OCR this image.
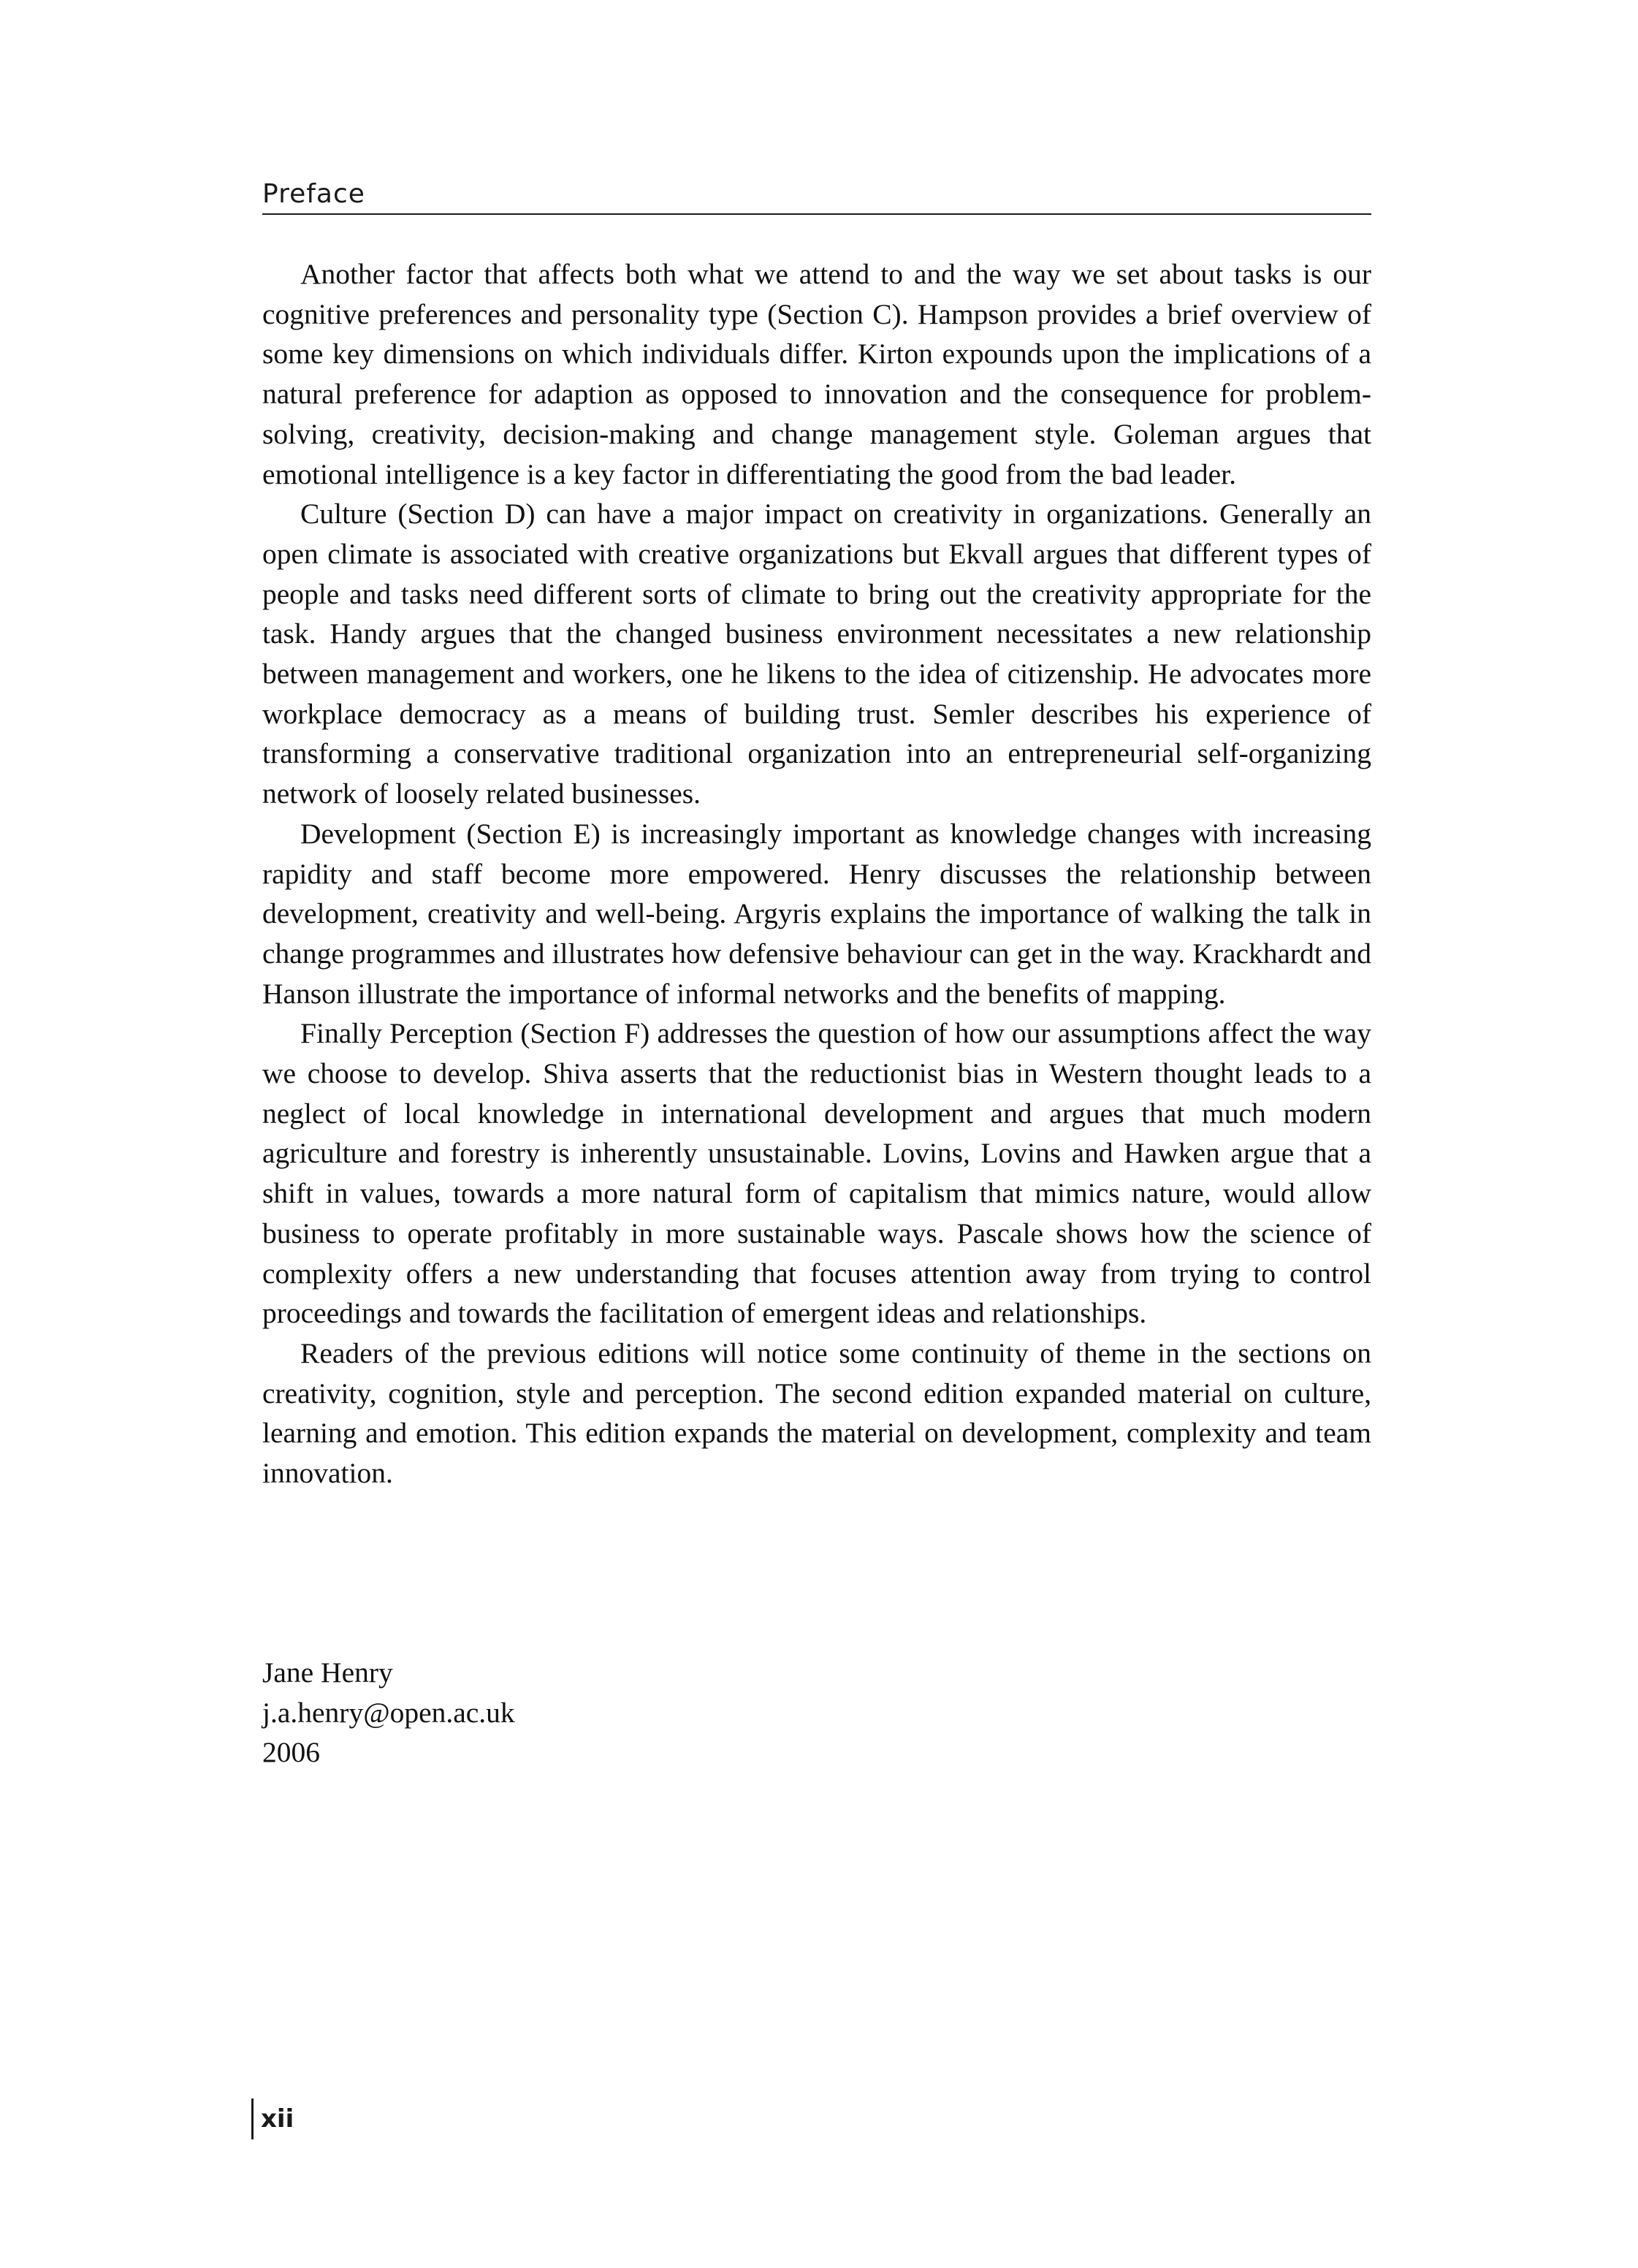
Preface

Another factor that affects both what we attend to and the way we set about tasks is our cognitive preferences and personality type (Section C). Hampson provides a brief overview of some key dimensions on which individuals differ. Kirton expounds upon the implications of a natural preference for adaption as opposed to innovation and the consequence for problem-solving, creativity, decision-making and change management style. Goleman argues that emotional intelligence is a key factor in differentiating the good from the bad leader.

Culture (Section D) can have a major impact on creativity in organizations. Generally an open climate is associated with creative organizations but Ekvall argues that different types of people and tasks need different sorts of climate to bring out the creativity appropriate for the task. Handy argues that the changed business environment necessitates a new relationship between management and workers, one he likens to the idea of citizenship. He advocates more workplace democracy as a means of building trust. Semler describes his experience of transforming a conservative traditional organization into an entrepreneurial self-organizing network of loosely related businesses.

Development (Section E) is increasingly important as knowledge changes with increasing rapidity and staff become more empowered. Henry discusses the relationship between development, creativity and well-being. Argyris explains the importance of walking the talk in change programmes and illustrates how defensive behaviour can get in the way. Krackhardt and Hanson illustrate the importance of informal networks and the benefits of mapping.

Finally Perception (Section F) addresses the question of how our assumptions affect the way we choose to develop. Shiva asserts that the reductionist bias in Western thought leads to a neglect of local knowledge in international development and argues that much modern agriculture and forestry is inherently unsustainable. Lovins, Lovins and Hawken argue that a shift in values, towards a more natural form of capitalism that mimics nature, would allow business to operate profitably in more sustainable ways. Pascale shows how the science of complexity offers a new understanding that focuses attention away from trying to control proceedings and towards the facilitation of emergent ideas and relationships.

Readers of the previous editions will notice some continuity of theme in the sections on creativity, cognition, style and perception. The second edition expanded material on culture, learning and emotion. This edition expands the material on development, complexity and team innovation.

Jane Henry
j.a.henry@open.ac.uk
2006
xii
